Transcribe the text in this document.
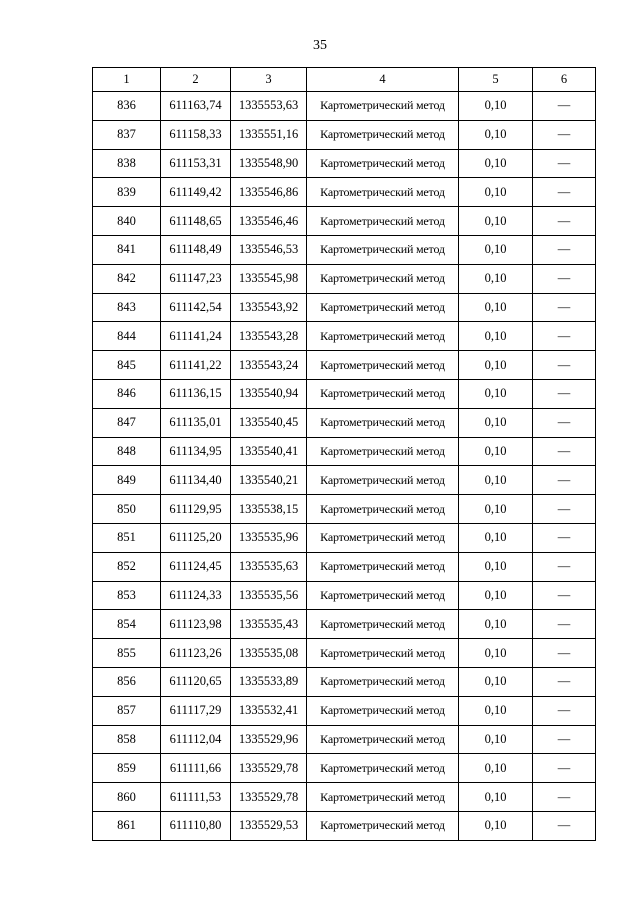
35
1	2	3	4	5	6
836	611163,74	1335553,63	Картометрический метод	0,10	—
837	611158,33	1335551,16	Картометрический метод	0,10	—
838	611153,31	1335548,90	Картометрический метод	0,10	—
839	611149,42	1335546,86	Картометрический метод	0,10	—
840	611148,65	1335546,46	Картометрический метод	0,10	—
841	611148,49	1335546,53	Картометрический метод	0,10	—
842	611147,23	1335545,98	Картометрический метод	0,10	—
843	611142,54	1335543,92	Картометрический метод	0,10	—
844	611141,24	1335543,28	Картометрический метод	0,10	—
845	611141,22	1335543,24	Картометрический метод	0,10	—
846	611136,15	1335540,94	Картометрический метод	0,10	—
847	611135,01	1335540,45	Картометрический метод	0,10	—
848	611134,95	1335540,41	Картометрический метод	0,10	—
849	611134,40	1335540,21	Картометрический метод	0,10	—
850	611129,95	1335538,15	Картометрический метод	0,10	—
851	611125,20	1335535,96	Картометрический метод	0,10	—
852	611124,45	1335535,63	Картометрический метод	0,10	—
853	611124,33	1335535,56	Картометрический метод	0,10	—
854	611123,98	1335535,43	Картометрический метод	0,10	—
855	611123,26	1335535,08	Картометрический метод	0,10	—
856	611120,65	1335533,89	Картометрический метод	0,10	—
857	611117,29	1335532,41	Картометрический метод	0,10	—
858	611112,04	1335529,96	Картометрический метод	0,10	—
859	611111,66	1335529,78	Картометрический метод	0,10	—
860	611111,53	1335529,78	Картометрический метод	0,10	—
861	611110,80	1335529,53	Картометрический метод	0,10	—
